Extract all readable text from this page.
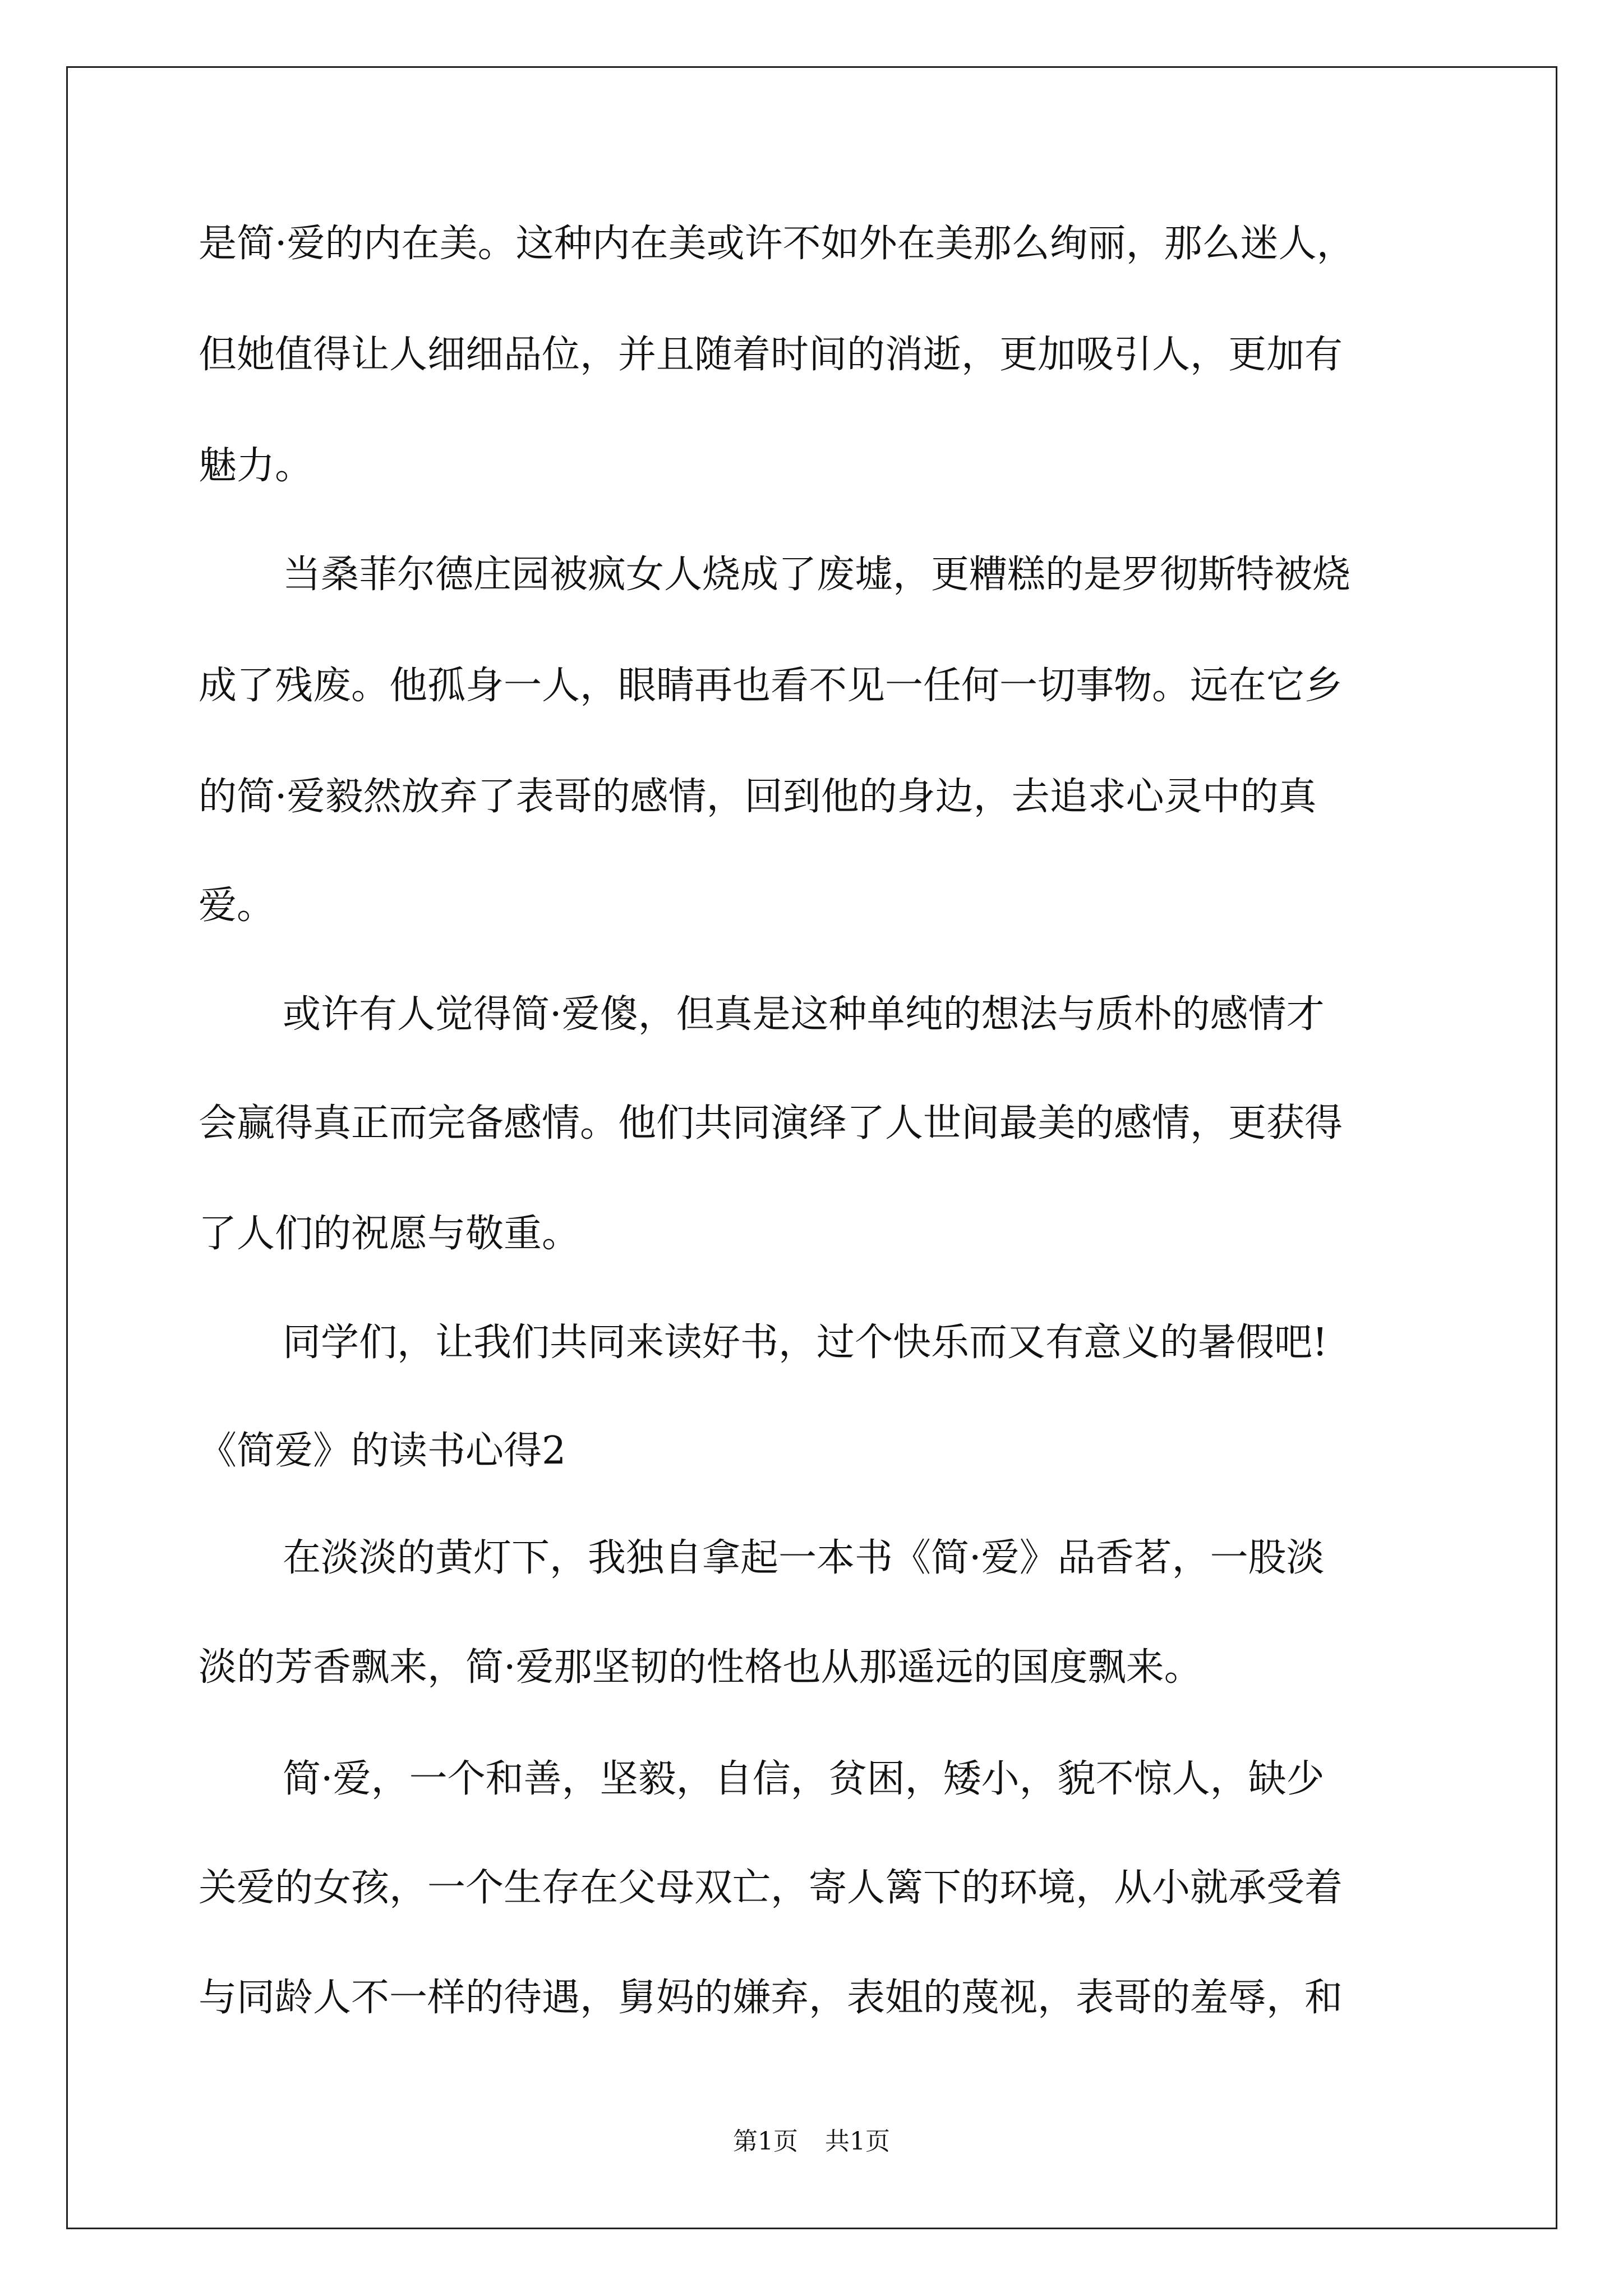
是简·爱的内在美。这种内在美或许不如外在美那么绚丽，那么迷人，
但她值得让人细细品位，并且随着时间的消逝，更加吸引人，更加有
魅力。
当桑菲尔德庄园被疯女人烧成了废墟，更糟糕的是罗彻斯特被烧
成了残废。他孤身一人，眼睛再也看不见一任何一切事物。远在它乡
的简·爱毅然放弃了表哥的感情，回到他的身边，去追求心灵中的真
爱。
或许有人觉得简·爱傻，但真是这种单纯的想法与质朴的感情才
会赢得真正而完备感情。他们共同演绎了人世间最美的感情，更获得
了人们的祝愿与敬重。
同学们，让我们共同来读好书，过个快乐而又有意义的暑假吧!
《简爱》的读书心得2
在淡淡的黄灯下，我独自拿起一本书《简·爱》品香茗，一股淡
淡的芳香飘来，简·爱那坚韧的性格也从那遥远的国度飘来。
简·爱，一个和善，坚毅，自信，贫困，矮小，貌不惊人，缺少
关爱的女孩，一个生存在父母双亡，寄人篱下的环境，从小就承受着
与同龄人不一样的待遇，舅妈的嫌弃，表姐的蔑视，表哥的羞辱，和
第1页 共1页
